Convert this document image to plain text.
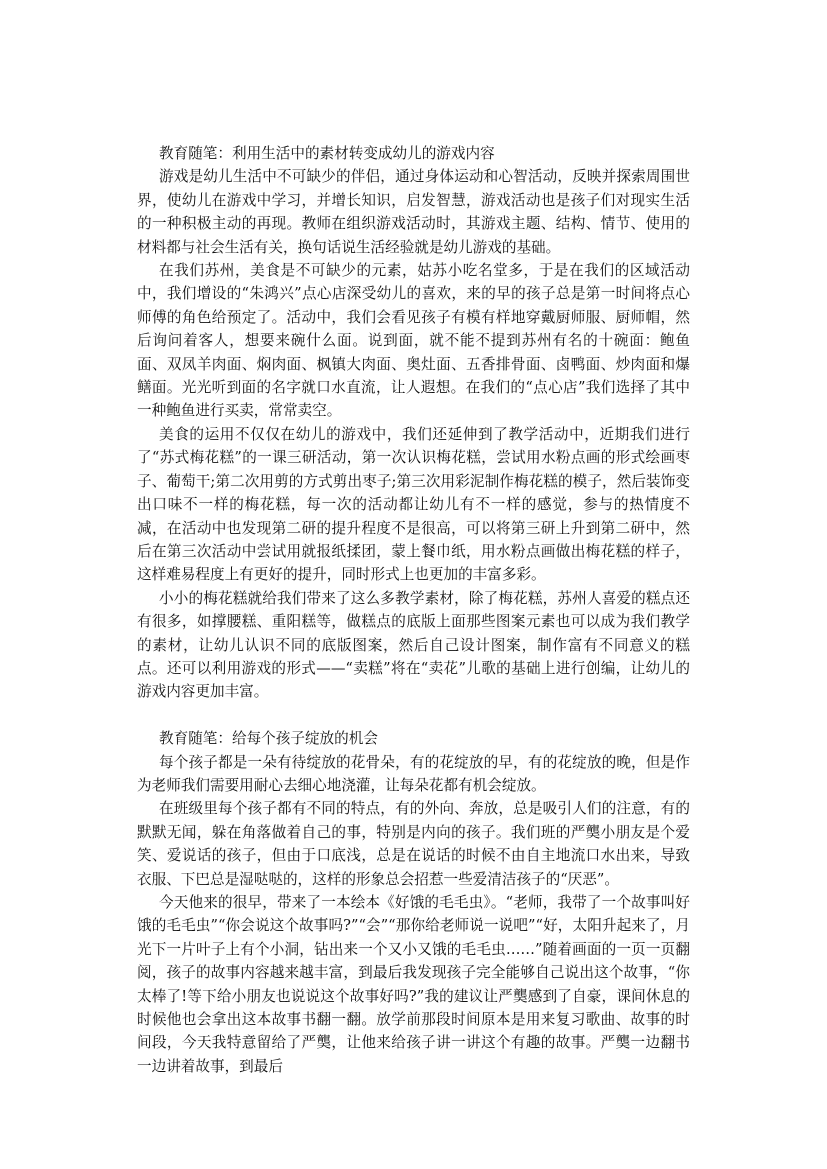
教育随笔：利用生活中的素材转变成幼儿的游戏内容

游戏是幼儿生活中不可缺少的伴侣，通过身体运动和心智活动，反映并探索周围世界，使幼儿在游戏中学习，并增长知识，启发智慧，游戏活动也是孩子们对现实生活的一种积极主动的再现。教师在组织游戏活动时，其游戏主题、结构、情节、使用的材料都与社会生活有关，换句话说生活经验就是幼儿游戏的基础。

在我们苏州，美食是不可缺少的元素，姑苏小吃名堂多，于是在我们的区域活动中，我们增设的“朱鸿兴”点心店深受幼儿的喜欢，来的早的孩子总是第一时间将点心师傅的角色给预定了。活动中，我们会看见孩子有模有样地穿戴厨师服、厨师帽，然后询问着客人，想要来碗什么面。说到面，就不能不提到苏州有名的十碗面：鲍鱼面、双凤羊肉面、焖肉面、枫镇大肉面、奥灶面、五香排骨面、卤鸭面、炒肉面和爆鳝面。光光听到面的名字就口水直流，让人遐想。在我们的“点心店”我们选择了其中一种鲍鱼进行买卖，常常卖空。

美食的运用不仅仅在幼儿的游戏中，我们还延伸到了教学活动中，近期我们进行了“苏式梅花糕”的一课三研活动，第一次认识梅花糕，尝试用水粉点画的形式绘画枣子、葡萄干;第二次用剪的方式剪出枣子;第三次用彩泥制作梅花糕的模子，然后装饰变出口味不一样的梅花糕，每一次的活动都让幼儿有不一样的感觉，参与的热情度不减，在活动中也发现第二研的提升程度不是很高，可以将第三研上升到第二研中，然后在第三次活动中尝试用就报纸揉团，蒙上餐巾纸，用水粉点画做出梅花糕的样子，这样难易程度上有更好的提升，同时形式上也更加的丰富多彩。

小小的梅花糕就给我们带来了这么多教学素材，除了梅花糕，苏州人喜爱的糕点还有很多，如撑腰糕、重阳糕等，做糕点的底版上面那些图案元素也可以成为我们教学的素材，让幼儿认识不同的底版图案，然后自己设计图案，制作富有不同意义的糕点。还可以利用游戏的形式——“卖糕”将在“卖花”儿歌的基础上进行创编，让幼儿的游戏内容更加丰富。

教育随笔：给每个孩子绽放的机会

每个孩子都是一朵有待绽放的花骨朵，有的花绽放的早，有的花绽放的晚，但是作为老师我们需要用耐心去细心地浇灌，让每朵花都有机会绽放。

在班级里每个孩子都有不同的特点，有的外向、奔放，总是吸引人们的注意，有的默默无闻，躲在角落做着自己的事，特别是内向的孩子。我们班的严龑小朋友是个爱笑、爱说话的孩子，但由于口底浅，总是在说话的时候不由自主地流口水出来，导致衣服、下巴总是湿哒哒的，这样的形象总会招惹一些爱清洁孩子的“厌恶”。

今天他来的很早，带来了一本绘本《好饿的毛毛虫》。“老师，我带了一个故事叫好饿的毛毛虫”“你会说这个故事吗?”“会”“那你给老师说一说吧”“好，太阳升起来了，月光下一片叶子上有个小洞，钻出来一个又小又饿的毛毛虫……”随着画面的一页一页翻阅，孩子的故事内容越来越丰富，到最后我发现孩子完全能够自己说出这个故事，“你太棒了!等下给小朋友也说说这个故事好吗?”我的建议让严龑感到了自豪，课间休息的时候他也会拿出这本故事书翻一翻。放学前那段时间原本是用来复习歌曲、故事的时间段，今天我特意留给了严龑，让他来给孩子讲一讲这个有趣的故事。严龑一边翻书一边讲着故事，到最后
